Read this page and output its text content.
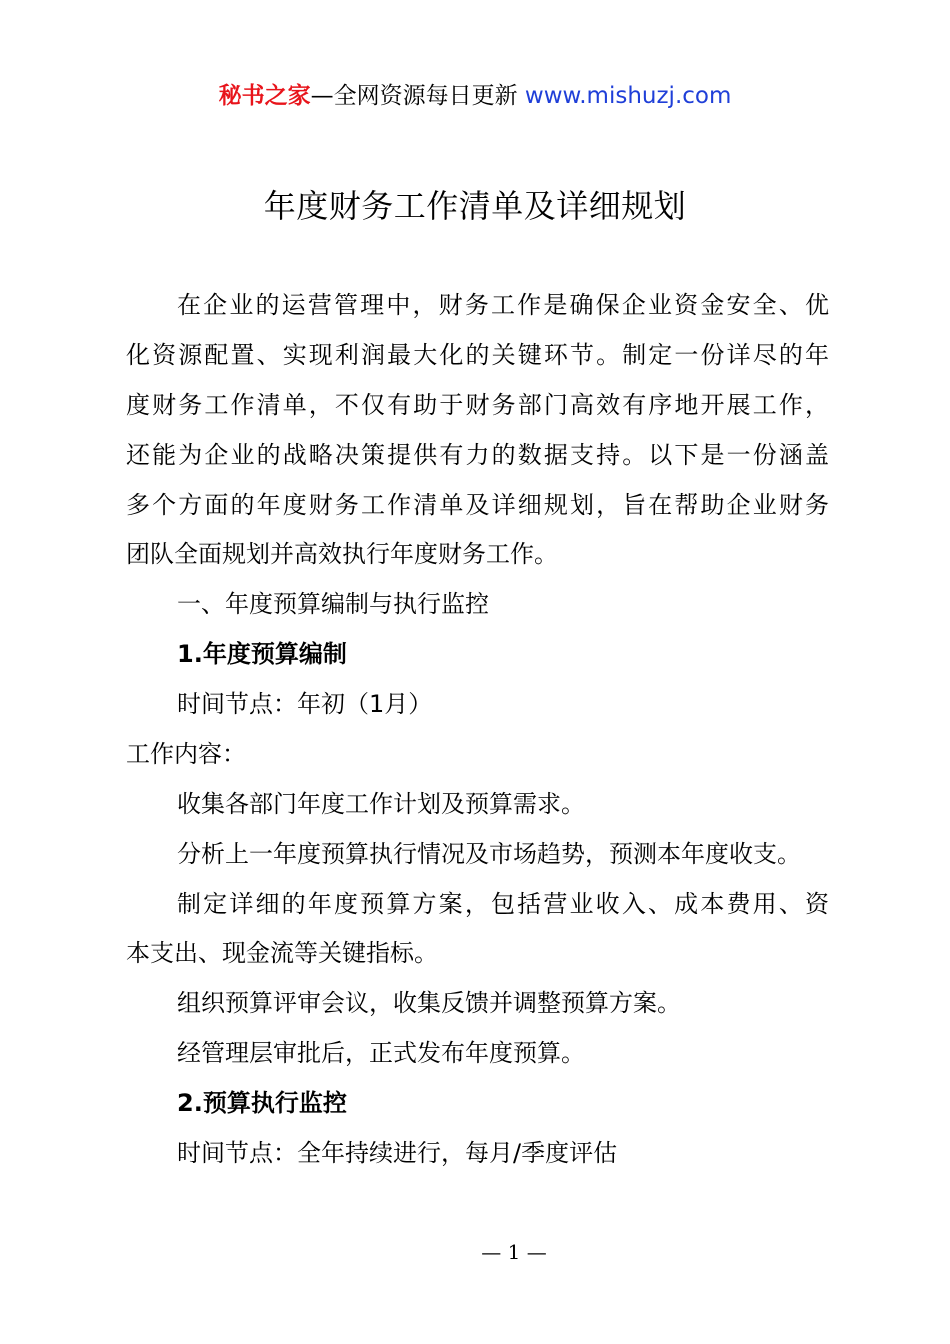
秘书之家—全网资源每日更新 www.mishuzj.com
年度财务工作清单及详细规划
在企业的运营管理中，财务工作是确保企业资金安全、优
化资源配置、实现利润最大化的关键环节。制定一份详尽的年
度财务工作清单，不仅有助于财务部门高效有序地开展工作，
还能为企业的战略决策提供有力的数据支持。以下是一份涵盖
多个方面的年度财务工作清单及详细规划，旨在帮助企业财务
团队全面规划并高效执行年度财务工作。
一、年度预算编制与执行监控
1.年度预算编制
时间节点：年初（1月）
工作内容：
收集各部门年度工作计划及预算需求。
分析上一年度预算执行情况及市场趋势，预测本年度收支。
制定详细的年度预算方案，包括营业收入、成本费用、资
本支出、现金流等关键指标。
组织预算评审会议，收集反馈并调整预算方案。
经管理层审批后，正式发布年度预算。
2.预算执行监控
时间节点：全年持续进行，每月/季度评估
— 1 —
